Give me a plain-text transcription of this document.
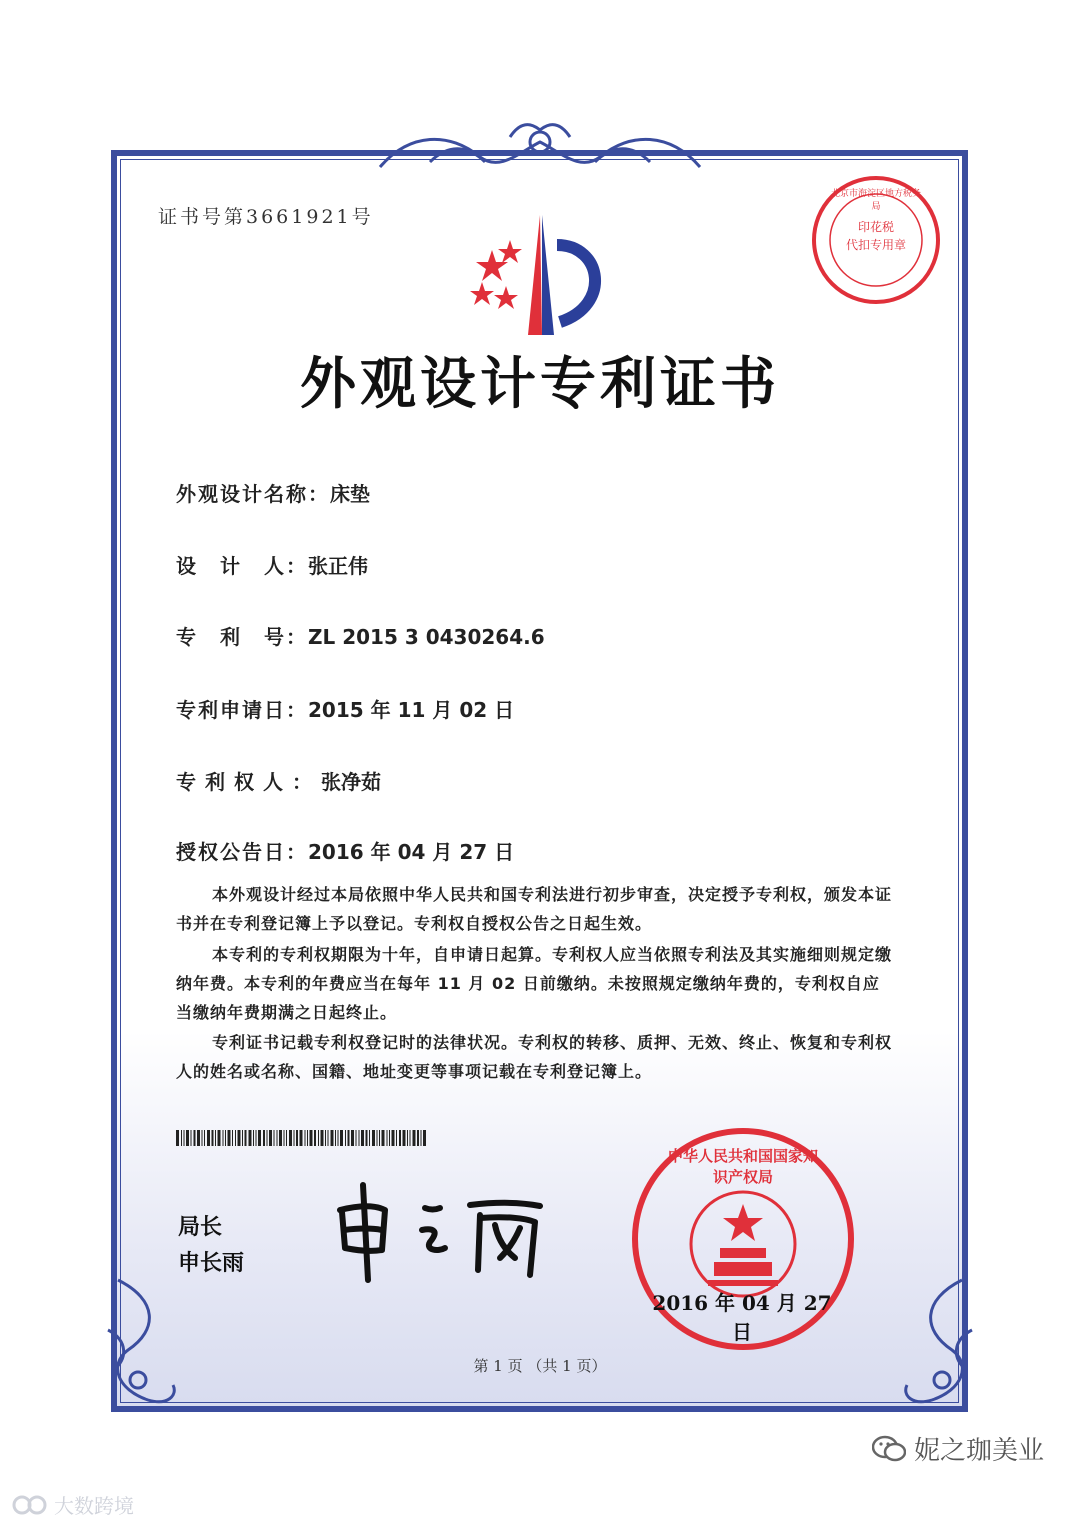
证书号第3661921号	印花税
代扣专用章
北京市海淀区地方税务局
外观设计专利证书
外观设计名称：床垫
设　计　人：张正伟
专　利　号：ZL 2015 3 0430264.6
专利申请日：2015 年 11 月 02 日
专利权人：张净茹
授权公告日：2016 年 04 月 27 日
本外观设计经过本局依照中华人民共和国专利法进行初步审查，决定授予专利权，颁发本证书并在专利登记簿上予以登记。专利权自授权公告之日起生效。
本专利的专利权期限为十年，自申请日起算。专利权人应当依照专利法及其实施细则规定缴纳年费。本专利的年费应当在每年 11 月 02 日前缴纳。未按照规定缴纳年费的，专利权自应当缴纳年费期满之日起终止。
专利证书记载专利权登记时的法律状况。专利权的转移、质押、无效、终止、恢复和专利权人的姓名或名称、国籍、地址变更等事项记载在专利登记簿上。
局长
申长雨
中华人民共和国国家知识产权局
2016 年 04 月 27 日
第 1 页 （共 1 页）
大数跨境
妮之珈美业
